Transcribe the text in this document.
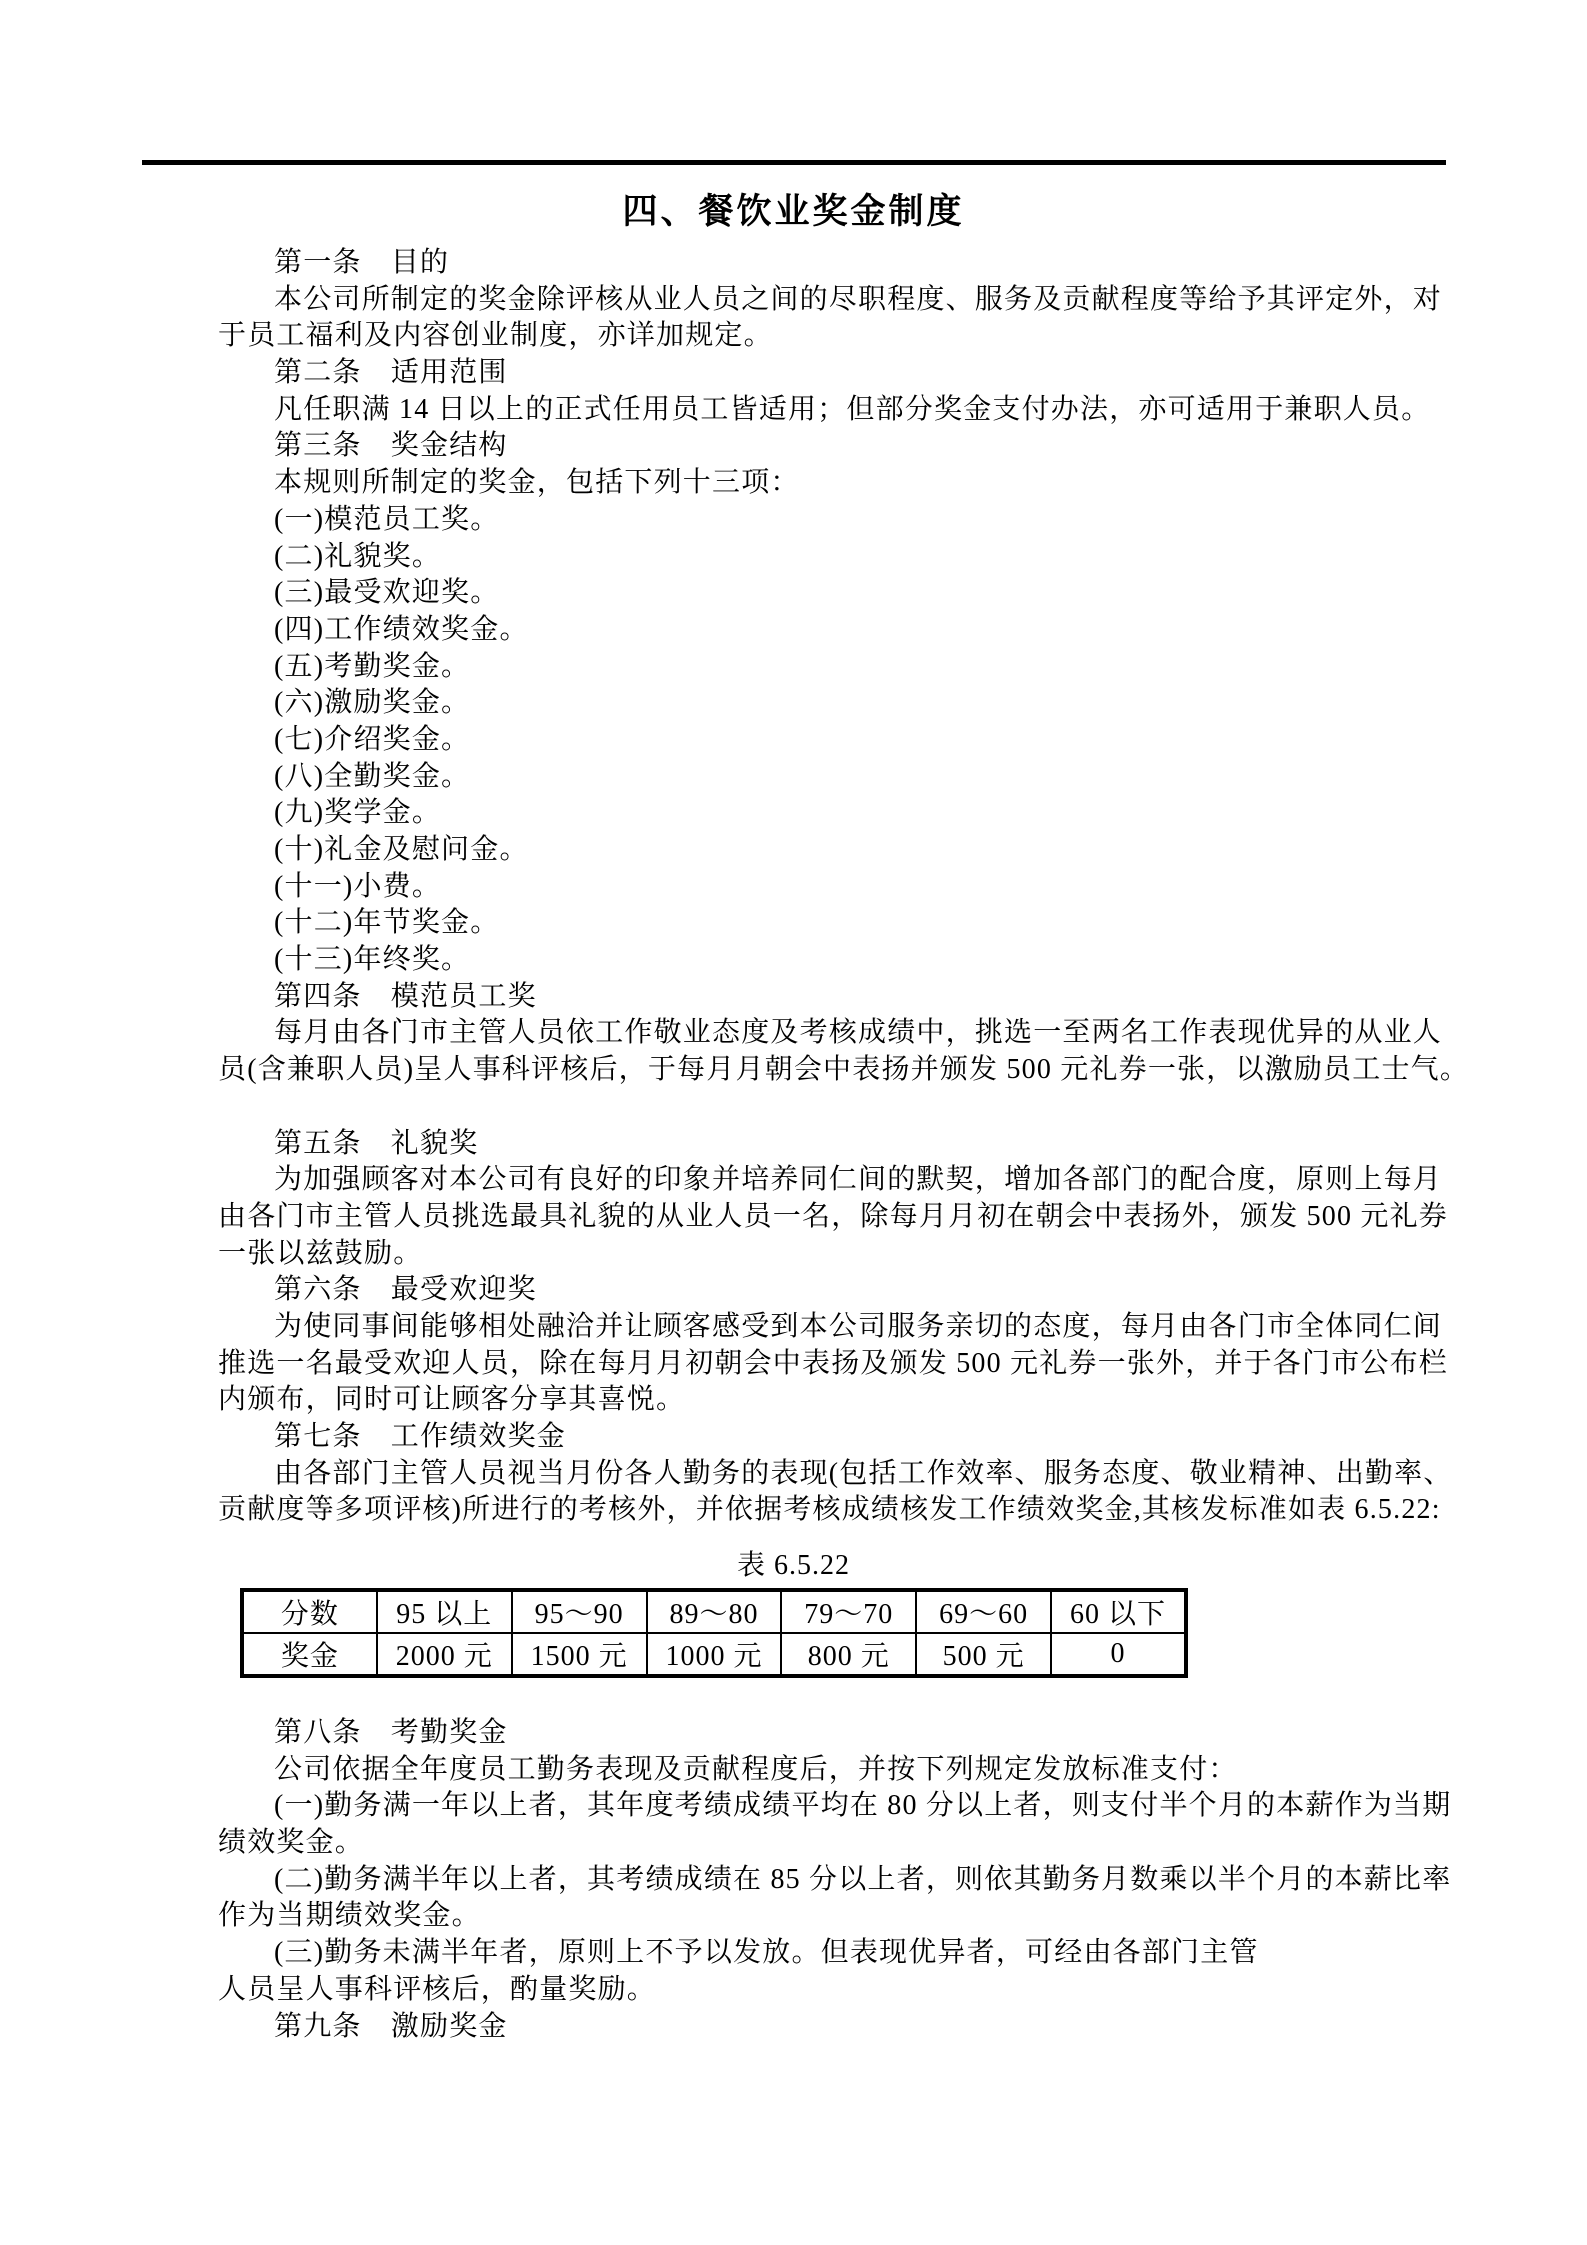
四、餐饮业奖金制度

第一条　目的

本公司所制定的奖金除评核从业人员之间的尽职程度、服务及贡献程度等给予其评定外，对

于员工福利及内容创业制度，亦详加规定。

第二条　适用范围

凡任职满 14 日以上的正式任用员工皆适用；但部分奖金支付办法，亦可适用于兼职人员。

第三条　奖金结构

本规则所制定的奖金，包括下列十三项：

(一)模范员工奖。

(二)礼貌奖。

(三)最受欢迎奖。

(四)工作绩效奖金。

(五)考勤奖金。

(六)激励奖金。

(七)介绍奖金。

(八)全勤奖金。

(九)奖学金。

(十)礼金及慰问金。

(十一)小费。

(十二)年节奖金。

(十三)年终奖。

第四条　模范员工奖

每月由各门市主管人员依工作敬业态度及考核成绩中，挑选一至两名工作表现优异的从业人

员(含兼职人员)呈人事科评核后，于每月月朝会中表扬并颁发 500 元礼券一张，以激励员工士气。

第五条　礼貌奖

为加强顾客对本公司有良好的印象并培养同仁间的默契，增加各部门的配合度，原则上每月

由各门市主管人员挑选最具礼貌的从业人员一名，除每月月初在朝会中表扬外，颁发 500 元礼券

一张以兹鼓励。

第六条　最受欢迎奖

为使同事间能够相处融洽并让顾客感受到本公司服务亲切的态度，每月由各门市全体同仁间

推选一名最受欢迎人员，除在每月月初朝会中表扬及颁发 500 元礼券一张外，并于各门市公布栏

内颁布，同时可让顾客分享其喜悦。

第七条　工作绩效奖金

由各部门主管人员视当月份各人勤务的表现(包括工作效率、服务态度、敬业精神、出勤率、

贡献度等多项评核)所进行的考核外，并依据考核成绩核发工作绩效奖金,其核发标准如表 6.5.22:

表 6.5.22
分数	95 以上	95～90	89～80	79～70	69～60	60 以下
奖金	2000 元	1500 元	1000 元	800 元	500 元	0

第八条　考勤奖金

公司依据全年度员工勤务表现及贡献程度后，并按下列规定发放标准支付：

(一)勤务满一年以上者，其年度考绩成绩平均在 80 分以上者，则支付半个月的本薪作为当期

绩效奖金。

(二)勤务满半年以上者，其考绩成绩在 85 分以上者，则依其勤务月数乘以半个月的本薪比率

作为当期绩效奖金。

(三)勤务未满半年者，原则上不予以发放。但表现优异者，可经由各部门主管

人员呈人事科评核后，酌量奖励。

第九条　激励奖金
